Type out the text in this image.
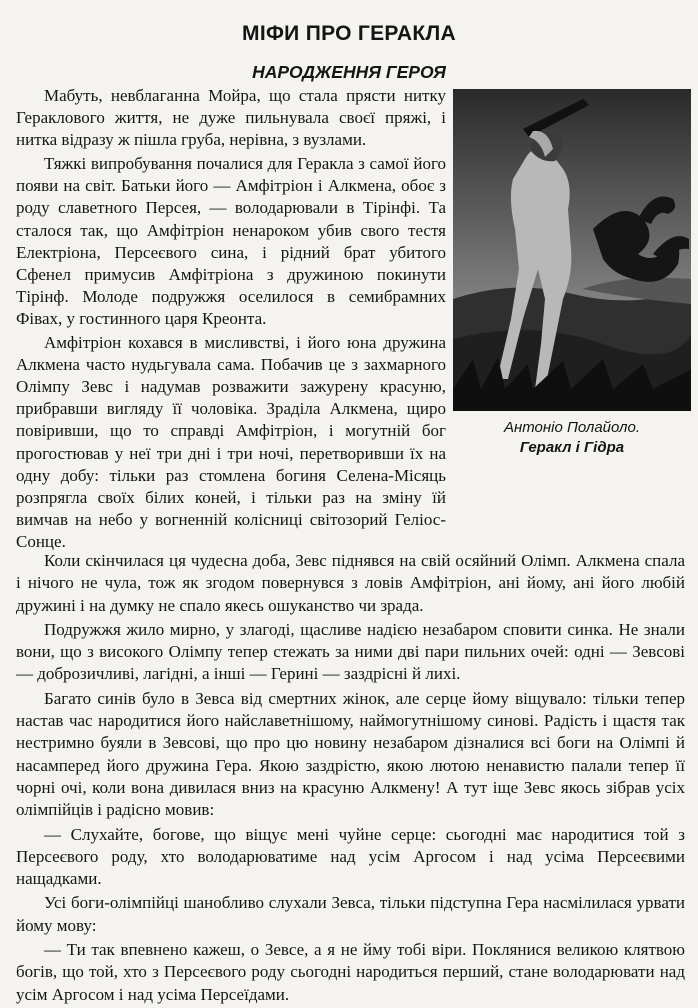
МІФИ ПРО ГЕРАКЛА
НАРОДЖЕННЯ ГЕРОЯ

Мабуть, невблаганна Мойра, що стала прясти нитку Гераклового життя, не дуже пильнувала своєї пряжі, і нитка відразу ж пішла груба, нерівна, з вузлами.

Тяжкі випробування почалися для Геракла з самої його появи на світ. Батьки його — Амфітріон і Алкмена, обоє з роду славетного Персея, — володарювали в Тірінфі. Та сталося так, що Амфітріон ненароком убив свого тестя Електріона, Персеєвого сина, і рідний брат убитого Сфенел примусив Амфітріона з дружиною покинути Тірінф. Молоде подружжя оселилося в семибрамних Фівах, у гостинного царя Креонта.

Амфітріон кохався в мисливстві, і його юна дружина Алкмена часто нудьгувала сама. Побачив це з захмарного Олімпу Зевс і надумав розважити зажурену красуню, прибравши вигляду її чоловіка. Зраділа Алкмена, щиро повіривши, що то справді Амфітріон, і могутній бог прогостював у неї три дні і три ночі, перетворивши їх на одну добу: тільки раз стомлена богиня Селена-Місяць розпрягла своїх білих коней, і тільки раз на зміну їй вимчав на небо у вогненній колісниці світозорий Геліос-Сонце.

Антоніо Полайоло.
Геракл і Гідра

Коли скінчилася ця чудесна доба, Зевс піднявся на свій осяйний Олімп. Алкмена спала і нічого не чула, тож як згодом повернувся з ловів Амфітріон, ані йому, ані його любій дружині і на думку не спало якесь ошуканство чи зрада.

Подружжя жило мирно, у злагоді, щасливе надією незабаром сповити синка. Не знали вони, що з високого Олімпу тепер стежать за ними дві пари пильних очей: одні — Зевсові — доброзичливі, лагідні, а інші — Герині — заздрісні й лихі.

Багато синів було в Зевса від смертних жінок, але серце йому віщувало: тільки тепер настав час народитися його найславетнішому, наймогутнішому синові. Радість і щастя так нестримно буяли в Зевсові, що про цю новину незабаром дізналися всі боги на Олімпі й насамперед його дружина Гера. Якою заздрістю, якою лютою ненавистю палали тепер її чорні очі, коли вона дивилася вниз на красуню Алкмену! А тут іще Зевс якось зібрав усіх олімпійців і радісно мовив:

— Слухайте, богове, що віщує мені чуйне серце: сьогодні має народитися той з Персеєвого роду, хто володарюватиме над усім Аргосом і над усіма Персеєвими нащадками.

Усі боги-олімпійці шанобливо слухали Зевса, тільки підступна Гера насмілилася урвати йому мову:

— Ти так впевнено кажеш, о Зевсе, а я не йму тобі віри. Поклянися великою клятвою богів, що той, хто з Персеєвого роду сьогодні народиться перший, стане володарювати над усім Аргосом і над усіма Персеїдами.
